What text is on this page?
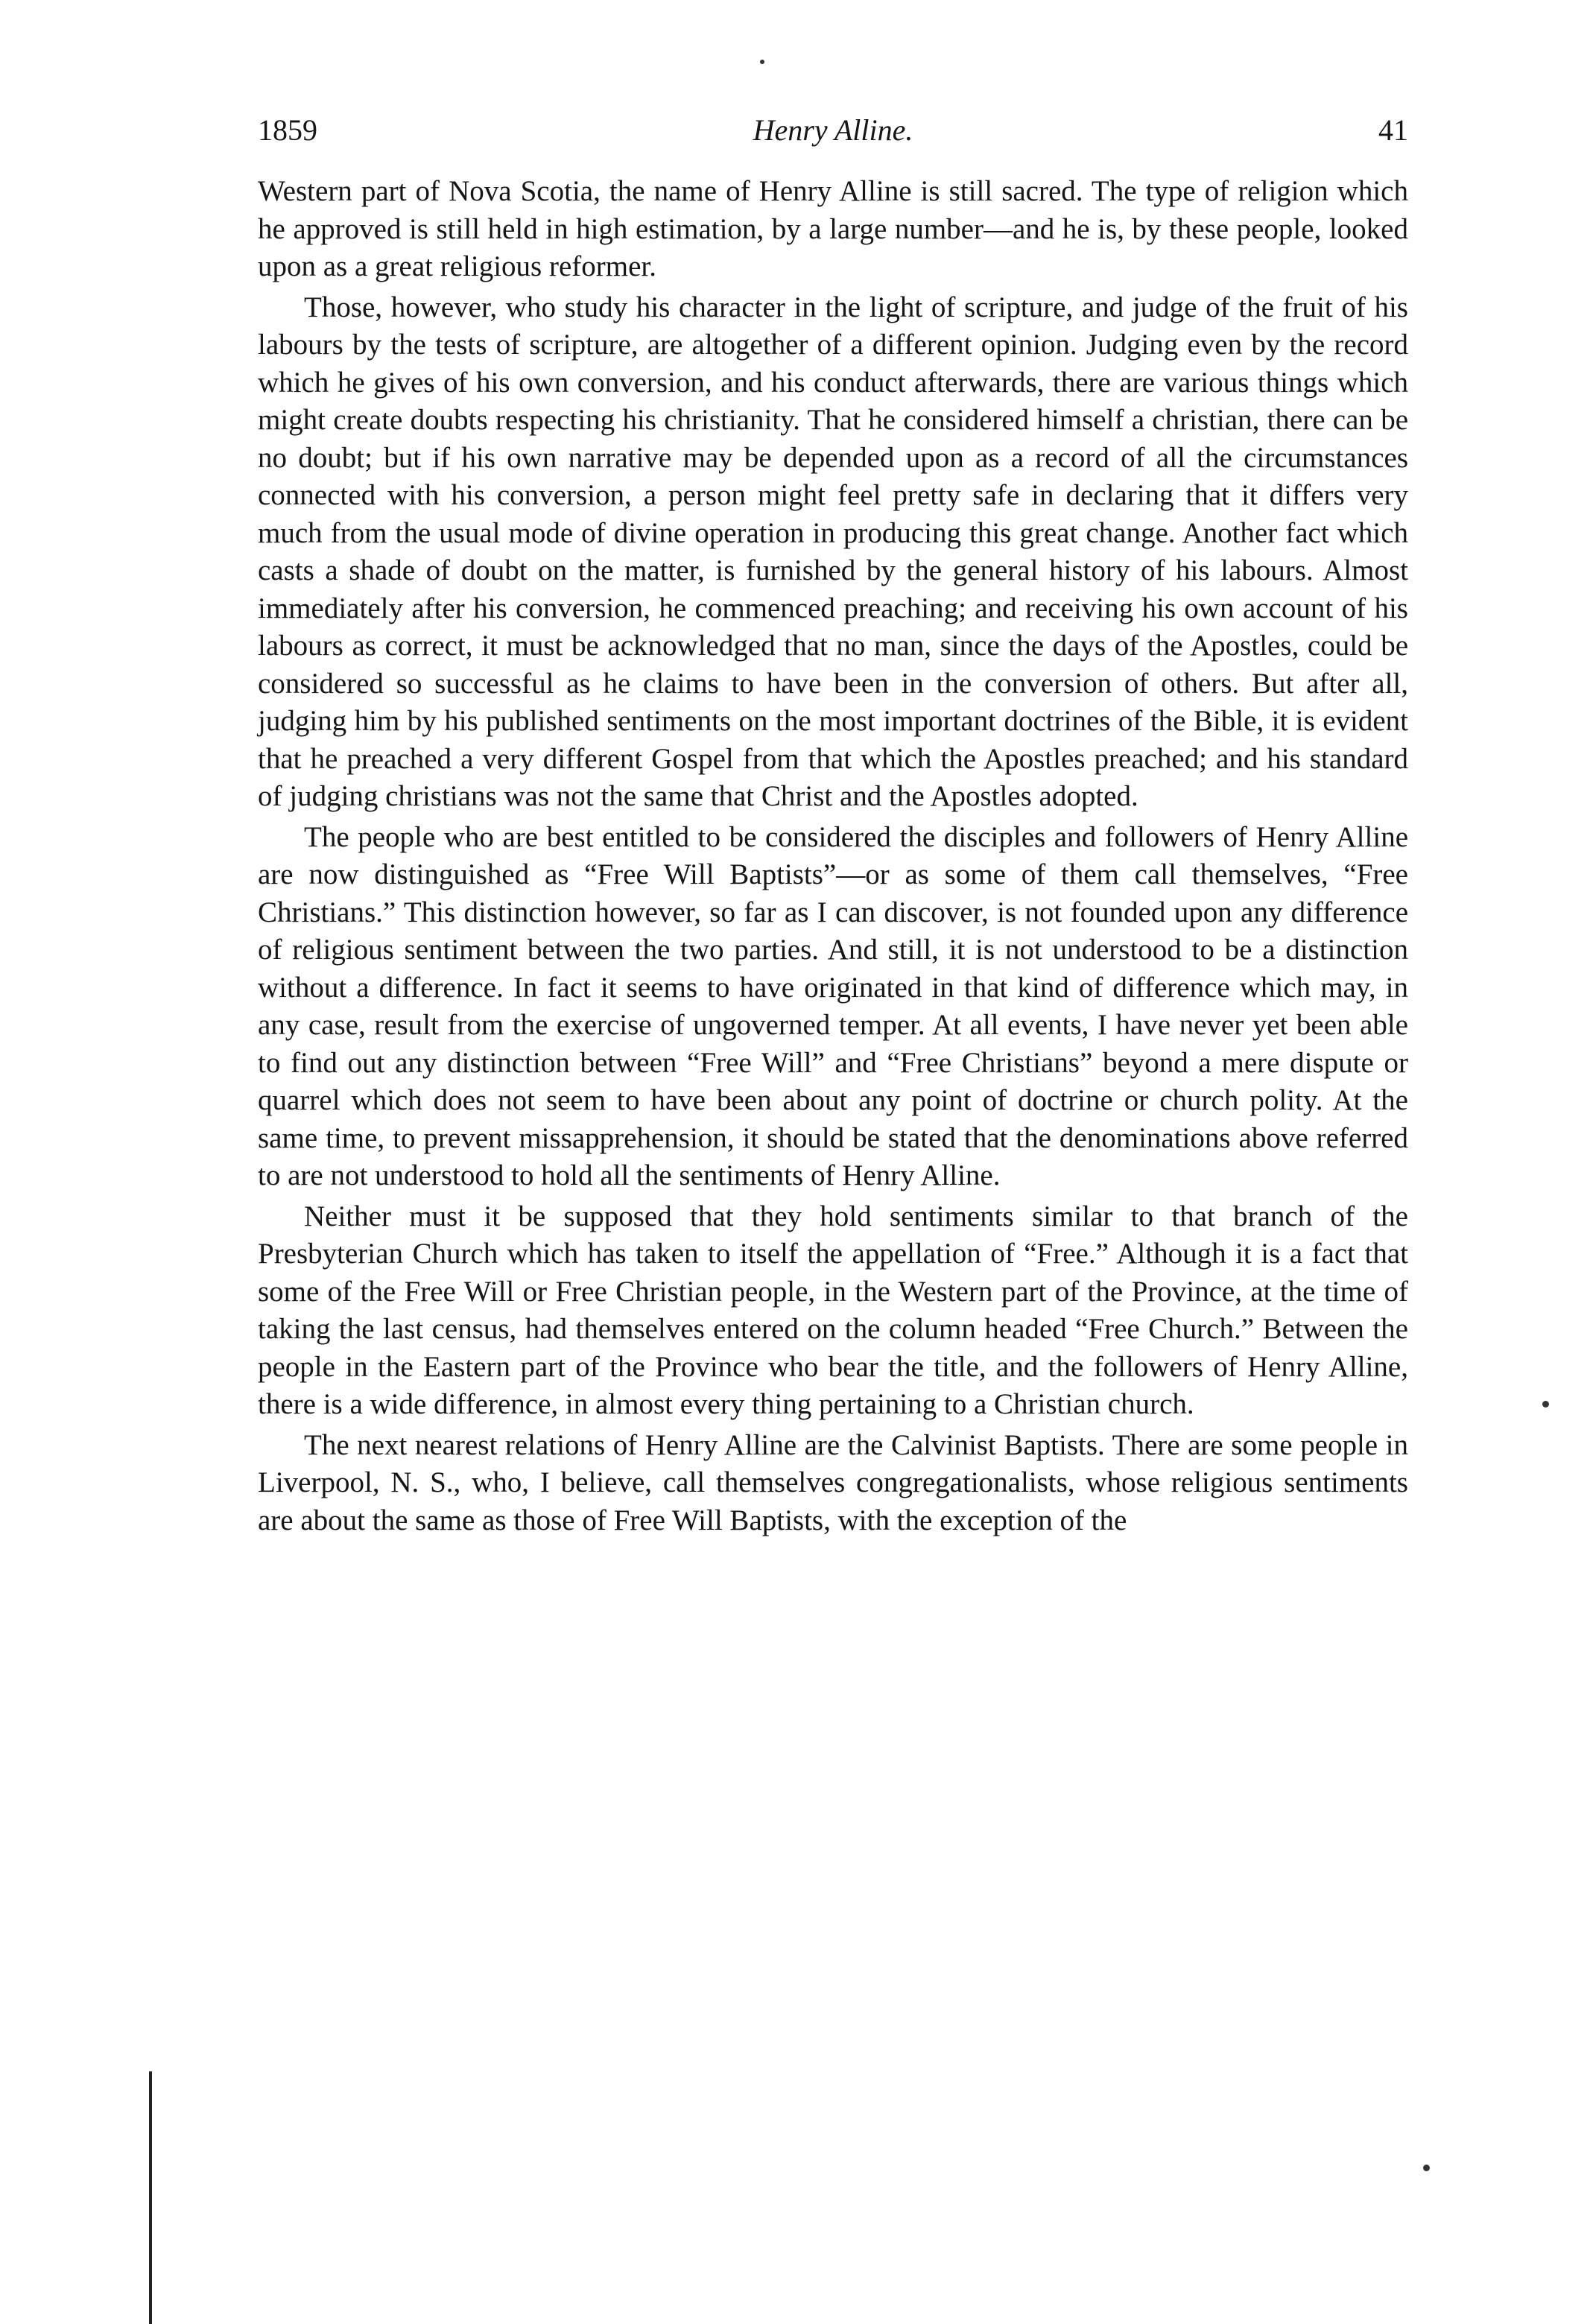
1859	Henry Alline.	41

Western part of Nova Scotia, the name of Henry Alline is still sacred. The type of religion which he approved is still held in high estimation, by a large number—and he is, by these people, looked upon as a great religious reformer.

Those, however, who study his character in the light of scripture, and judge of the fruit of his labours by the tests of scripture, are altogether of a different opinion. Judging even by the record which he gives of his own conversion, and his conduct afterwards, there are various things which might create doubts respecting his christianity. That he considered himself a christian, there can be no doubt; but if his own narrative may be depended upon as a record of all the circumstances connected with his conversion, a person might feel pretty safe in declaring that it differs very much from the usual mode of divine operation in producing this great change. Another fact which casts a shade of doubt on the matter, is furnished by the general history of his labours. Almost immediately after his conversion, he commenced preaching; and receiving his own account of his labours as correct, it must be acknowledged that no man, since the days of the Apostles, could be considered so successful as he claims to have been in the conversion of others. But after all, judging him by his published sentiments on the most important doctrines of the Bible, it is evident that he preached a very different Gospel from that which the Apostles preached; and his standard of judging christians was not the same that Christ and the Apostles adopted.

The people who are best entitled to be considered the disciples and followers of Henry Alline are now distinguished as “Free Will Baptists”—or as some of them call themselves, “Free Christians.” This distinction however, so far as I can discover, is not founded upon any difference of religious sentiment between the two parties. And still, it is not understood to be a distinction without a difference. In fact it seems to have originated in that kind of difference which may, in any case, result from the exercise of ungoverned temper. At all events, I have never yet been able to find out any distinction between “Free Will” and “Free Christians” beyond a mere dispute or quarrel which does not seem to have been about any point of doctrine or church polity. At the same time, to prevent missapprehension, it should be stated that the denominations above referred to are not understood to hold all the sentiments of Henry Alline.

Neither must it be supposed that they hold sentiments similar to that branch of the Presbyterian Church which has taken to itself the appellation of “Free.” Although it is a fact that some of the Free Will or Free Christian people, in the Western part of the Province, at the time of taking the last census, had themselves entered on the column headed “Free Church.” Between the people in the Eastern part of the Province who bear the title, and the followers of Henry Alline, there is a wide difference, in almost every thing pertaining to a Christian church.

The next nearest relations of Henry Alline are the Calvinist Baptists. There are some people in Liverpool, N. S., who, I believe, call themselves congregationalists, whose religious sentiments are about the same as those of Free Will Baptists, with the exception of the
